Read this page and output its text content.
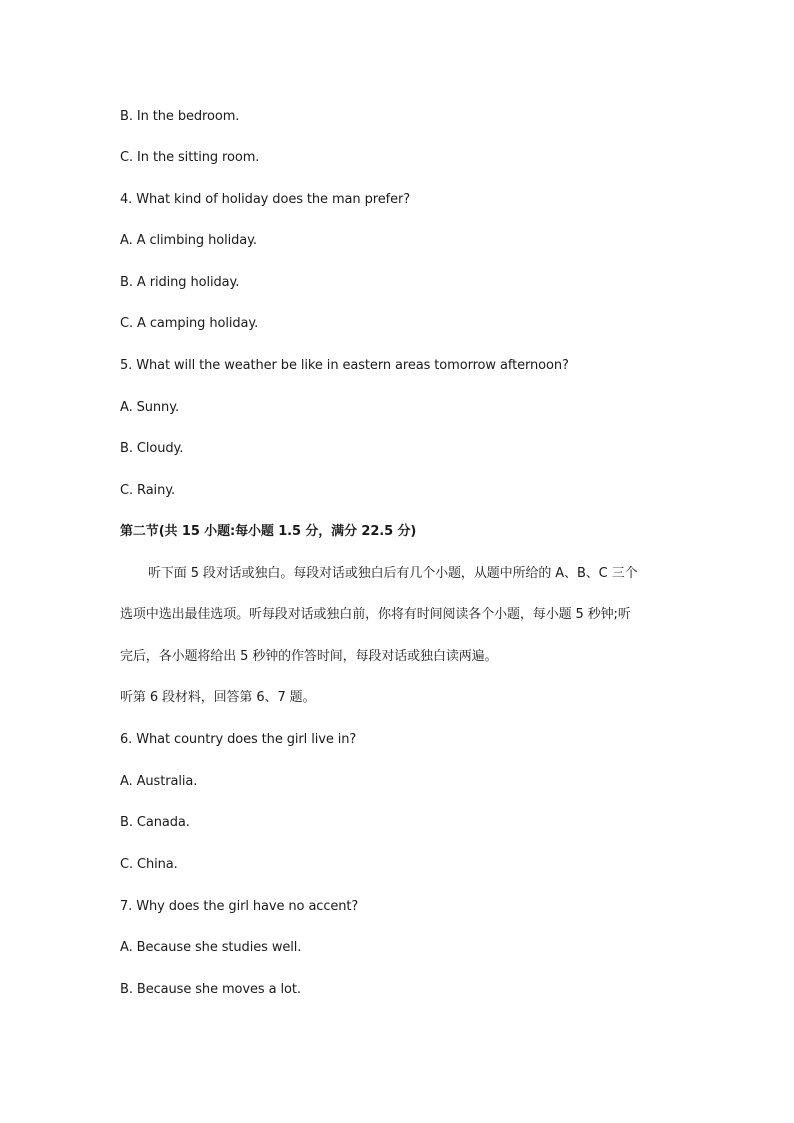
B. In the bedroom.
C. In the sitting room.
4. What kind of holiday does the man prefer?
A. A climbing holiday.
B. A riding holiday.
C. A camping holiday.
5. What will the weather be like in eastern areas tomorrow afternoon?
A. Sunny.
B. Cloudy.
C. Rainy.
第二节(共 15 小题:每小题 1.5 分，满分 22.5 分)
听下面 5 段对话或独白。每段对话或独白后有几个小题，从题中所给的 A、B、C 三个
选项中选出最佳选项。听每段对话或独白前，你将有时间阅读各个小题，每小题 5 秒钟;听
完后，各小题将给出 5 秒钟的作答时间，每段对话或独白读两遍。
听第 6 段材料，回答第 6、7 题。
6. What country does the girl live in?
A. Australia.
B. Canada.
C. China.
7. Why does the girl have no accent?
A. Because she studies well.
B. Because she moves a lot.
